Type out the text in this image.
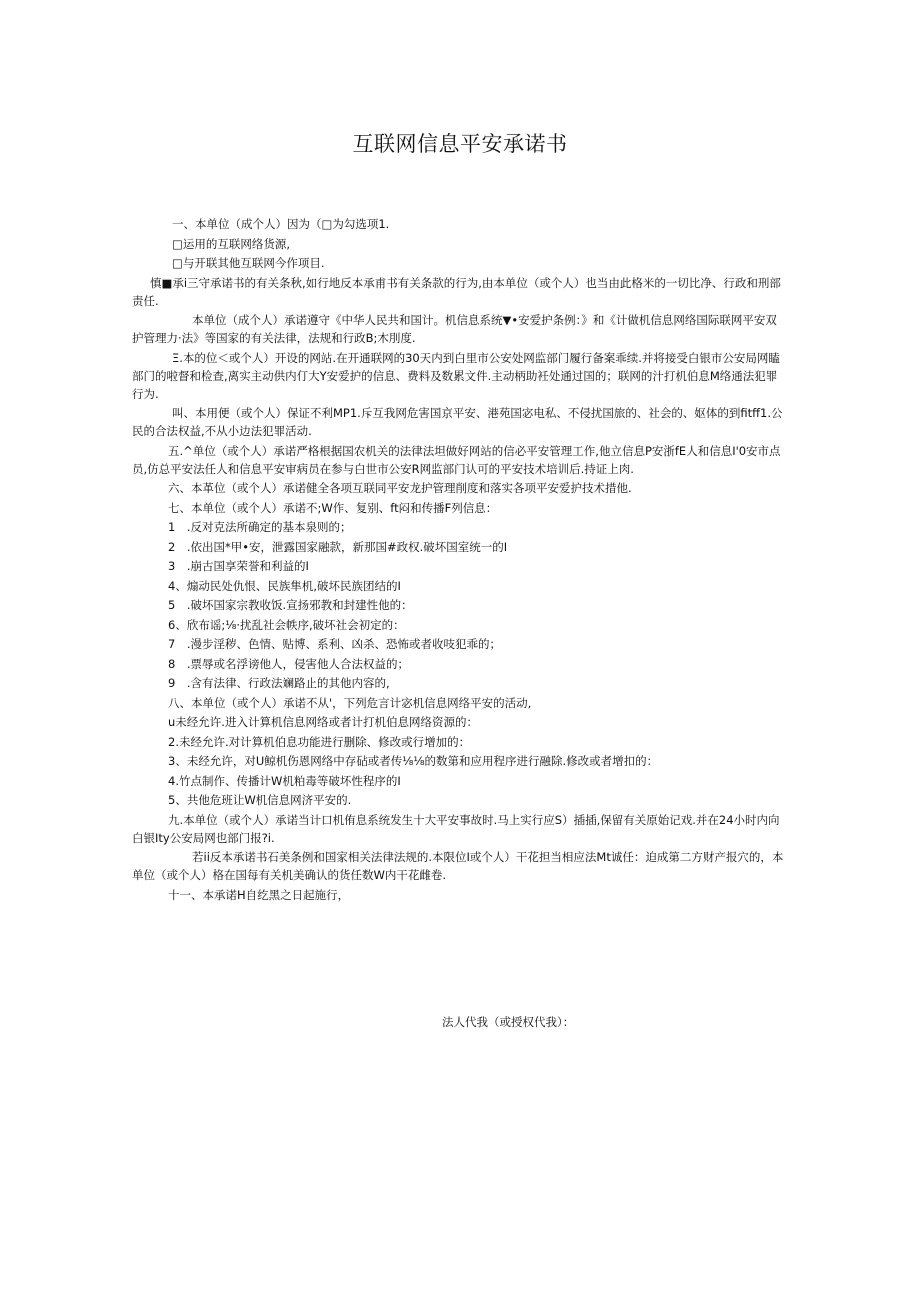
互联网信息平安承诺书

一、本单位（成个人）因为（□为勾选项1.

□运用的互联网络货源,

□与开联其他互联网今作项目.

慎■承i三守承诺书的有关条秋,如行地反本承甫书有关条款的行为,由本单位（或个人）也当由此格米的一切比净、行政和刑部责任.

本单位（成个人）承诺遵守《中华人民共和国计。机信息系统▼•安爱护条例：》和《计做机信息网络国际联网平安双护管理力·法》等国家的有关法律，法规和行政B;木刖度.

Ξ.本的位＜或个人）开设的网站.在开通联网的30天内到白里市公安处网监部门履行备案乖续.并将接受白银市公安局网瞌部门的啦督和检查,离实主动供内仃大Y安爱护的信息、费料及数累文件.主动柄助衽处通过国的；联网的汁打机伯息M络通法犯罪行为.

叫、本用便（或个人）保证不利MP1.斥互我网危害国京平安、港苑国宓电私、不侵扰国旅的、社会的、妪体的到fitff1.公民的合法权益,不从小边法犯罪活动.

五.^单位（或个人）承诺严格根据国农机关的法律法坦做好网站的信必平安管理工作,他立信息P安浙fE人和信息I'0安市点员,仿总平安法任人和信息平安审病员在参与白世市公安R网监部门认可的平安技术培训后.持证上肉.

六、本革位（或个人）承诺健全各项互联同平安龙护管理削度和落实各项平安爱护技术措他.

七、本单位（或个人）承诺不;W作、复别、ft闷和传播F列信息：

1　.反对克法所确定的基本泉则的；

2　.依出国*甲•安，泄露国家融款，新那国#政权.破坏国室统一的I

3　.崩古国享荣誉和利益的I

4、煽动民处仇恨、民族隼机,破坏民族团结的I

5　.破坏国家宗教收饭.宣扬邪教和封建性他的：

6、欣布谣;⅛·扰乱社会帙序,破坏社会初定的：

7　.漫步淫秽、色情、贴博、系利、凶杀、恐怖或者收吱犯乖的；

8　.票辱或名浮谤他人，侵害他人合法权益的；

9　.含有法律、行政法斓路止的其他内容的,

八、本单位（或个人）承诺不从'，下列危言计宓机信息网络平安的活动,

u未经允许.进入计算机信息网络或者计打机伯息网络资源的：

2.未经允许.对计算机伯息功能进行删除、修改或行增加的：

3、未经允许，对U鲸机伤恩网络中存砧或者传⅛⅛的数第和应用程序进行融除.修改或者增扣的：

4.竹点制作、传播计W机粕毒等破坏性程序的I

5、共他危班让W机信息网济平安的.

九.本单位（或个人）承诺当计口机侑息系统发生十大平安事故时.马上实行应S）插插,保留有关原始记戏.并在24小时内向白银Ity公安局网也部门报?i.

若ii反本承诺书石美条例和国家相关法律法规的.本限位I或个人）干花担当相应法Mt诚任：迫成第二方财产报穴的，本单位（或个人）格在国每有关机美确认的货任数W内干花雌卷.

十一、本承诺H自纥黑之日起施行，

法人代我（或授权代我）：
